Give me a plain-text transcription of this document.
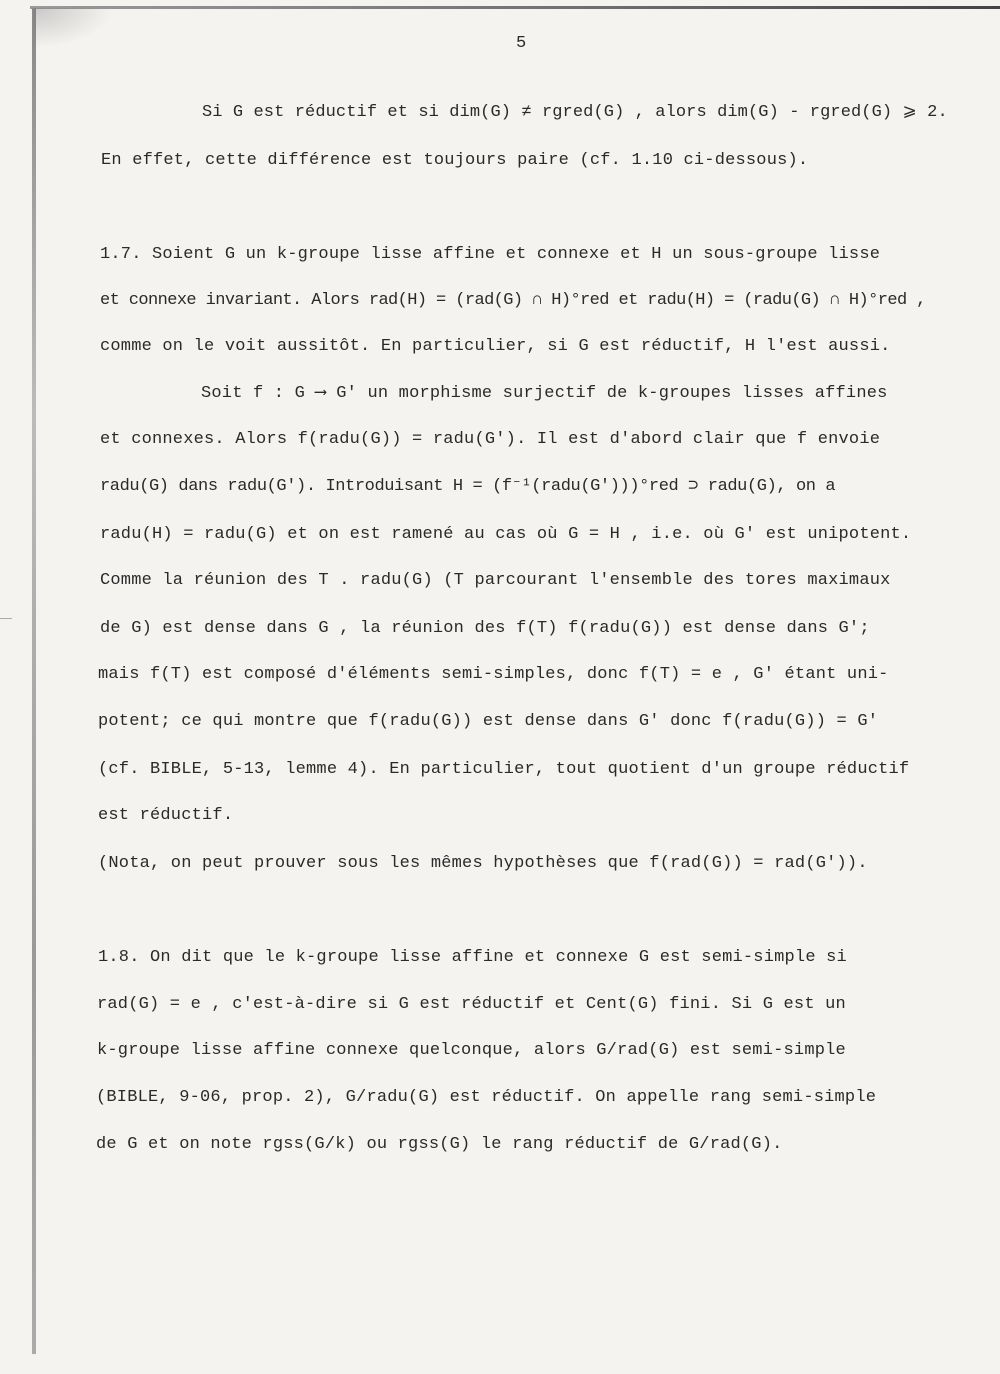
5
Si G est réductif et si dim(G) ≠ rgred(G) , alors dim(G) - rgred(G) ⩾ 2.
En effet, cette différence est toujours paire (cf. 1.10 ci-dessous).
1.7. Soient G un k-groupe lisse affine et connexe et H un sous-groupe lisse
et connexe invariant. Alors rad(H) = (rad(G) ∩ H)°red et radu(H) = (radu(G) ∩ H)°red ,
comme on le voit aussitôt. En particulier, si G est réductif, H l'est aussi.
Soit f : G ⟶ G' un morphisme surjectif de k-groupes lisses affines
et connexes. Alors f(radu(G)) = radu(G'). Il est d'abord clair que f envoie
radu(G) dans radu(G'). Introduisant H = (f⁻¹(radu(G')))°red ⊃ radu(G), on a
radu(H) = radu(G) et on est ramené au cas où G = H , i.e. où G' est unipotent.
Comme la réunion des T . radu(G) (T parcourant l'ensemble des tores maximaux
de G) est dense dans G , la réunion des f(T) f(radu(G)) est dense dans G';
mais f(T) est composé d'éléments semi-simples, donc f(T) = e , G' étant uni-
potent; ce qui montre que f(radu(G)) est dense dans G' donc f(radu(G)) = G'
(cf. BIBLE, 5-13, lemme 4). En particulier, tout quotient d'un groupe réductif
est réductif.
(Nota, on peut prouver sous les mêmes hypothèses que f(rad(G)) = rad(G')).
1.8. On dit que le k-groupe lisse affine et connexe G est semi-simple si
rad(G) = e , c'est-à-dire si G est réductif et Cent(G) fini. Si G est un
k-groupe lisse affine connexe quelconque, alors G/rad(G) est semi-simple
(BIBLE, 9-06, prop. 2), G/radu(G) est réductif. On appelle rang semi-simple
de G et on note rgss(G/k) ou rgss(G) le rang réductif de G/rad(G).
